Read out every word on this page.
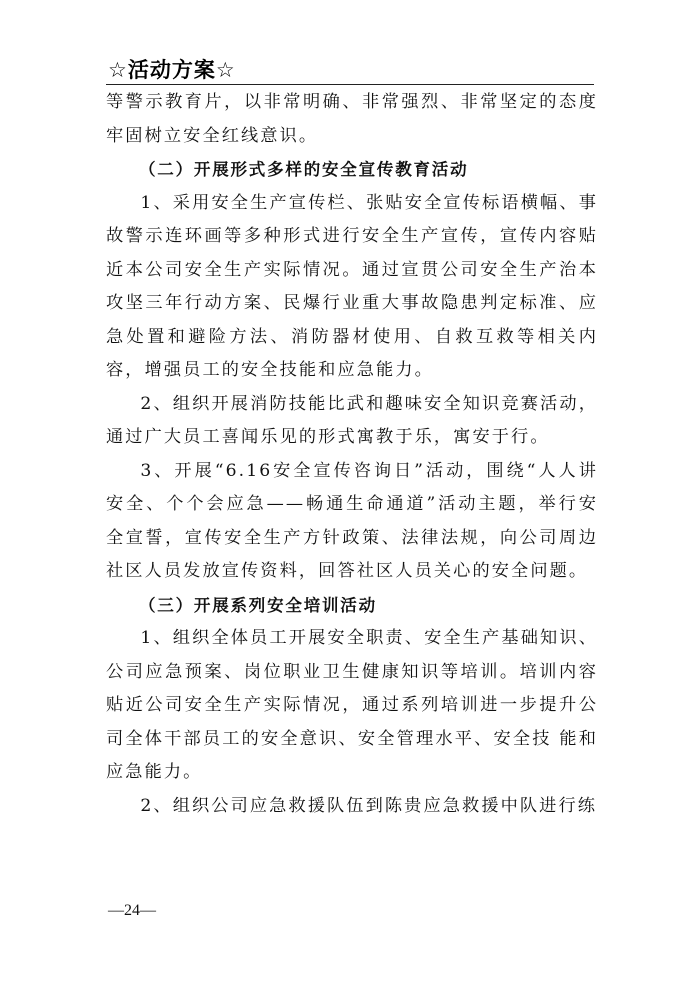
☆活动方案☆

等警示教育片，以非常明确、非常强烈、非常坚定的态度牢固树立安全红线意识。

（二）开展形式多样的安全宣传教育活动

1、采用安全生产宣传栏、张贴安全宣传标语横幅、事故警示连环画等多种形式进行安全生产宣传，宣传内容贴近本公司安全生产实际情况。通过宣贯公司安全生产治本攻坚三年行动方案、民爆行业重大事故隐患判定标准、应急处置和避险方法、消防器材使用、自救互救等相关内容，增强员工的安全技能和应急能力。

2、组织开展消防技能比武和趣味安全知识竞赛活动，通过广大员工喜闻乐见的形式寓教于乐，寓安于行。

3、开展“6.16安全宣传咨询日”活动，围绕“人人讲安全、个个会应急——畅通生命通道”活动主题，举行安全宣誓，宣传安全生产方针政策、法律法规，向公司周边社区人员发放宣传资料，回答社区人员关心的安全问题。

（三）开展系列安全培训活动

1、组织全体员工开展安全职责、安全生产基础知识、公司应急预案、岗位职业卫生健康知识等培训。培训内容贴近公司安全生产实际情况，通过系列培训进一步提升公司全体干部员工的安全意识、安全管理水平、安全技 能和应急能力。

2、组织公司应急救援队伍到陈贵应急救援中队进行练

—24—
